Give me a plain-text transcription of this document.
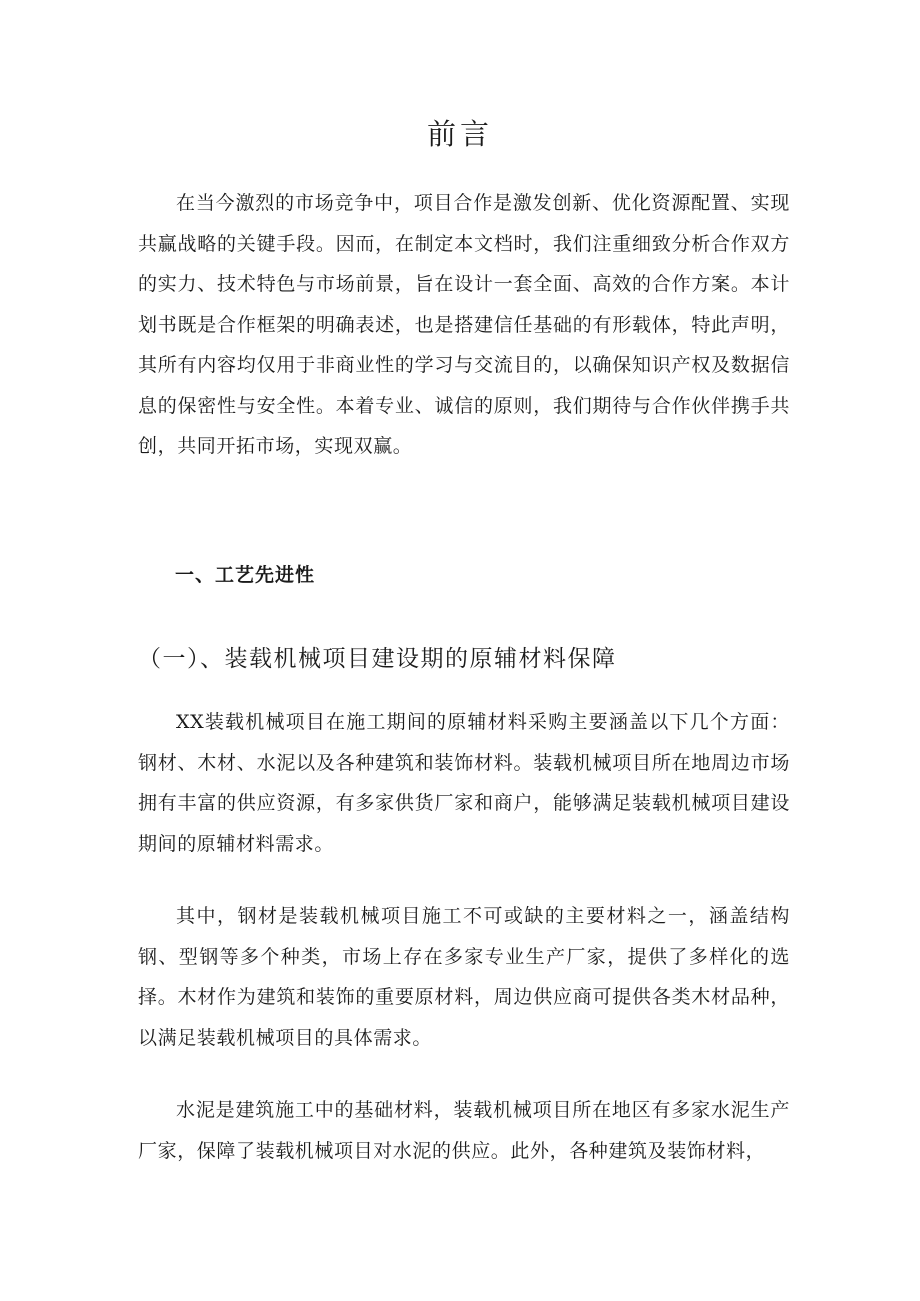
前言

在当今激烈的市场竞争中，项目合作是激发创新、优化资源配置、实现共赢战略的关键手段。因而，在制定本文档时，我们注重细致分析合作双方的实力、技术特色与市场前景，旨在设计一套全面、高效的合作方案。本计划书既是合作框架的明确表述，也是搭建信任基础的有形载体，特此声明，其所有内容均仅用于非商业性的学习与交流目的，以确保知识产权及数据信息的保密性与安全性。本着专业、诚信的原则，我们期待与合作伙伴携手共创，共同开拓市场，实现双赢。

一、工艺先进性
（一）、装载机械项目建设期的原辅材料保障

XX装载机械项目在施工期间的原辅材料采购主要涵盖以下几个方面：钢材、木材、水泥以及各种建筑和装饰材料。装载机械项目所在地周边市场拥有丰富的供应资源，有多家供货厂家和商户，能够满足装载机械项目建设期间的原辅材料需求。

其中，钢材是装载机械项目施工不可或缺的主要材料之一，涵盖结构钢、型钢等多个种类，市场上存在多家专业生产厂家，提供了多样化的选择。木材作为建筑和装饰的重要原材料，周边供应商可提供各类木材品种，以满足装载机械项目的具体需求。

水泥是建筑施工中的基础材料，装载机械项目所在地区有多家水泥生产厂家，保障了装载机械项目对水泥的供应。此外，各种建筑及装饰材料，
